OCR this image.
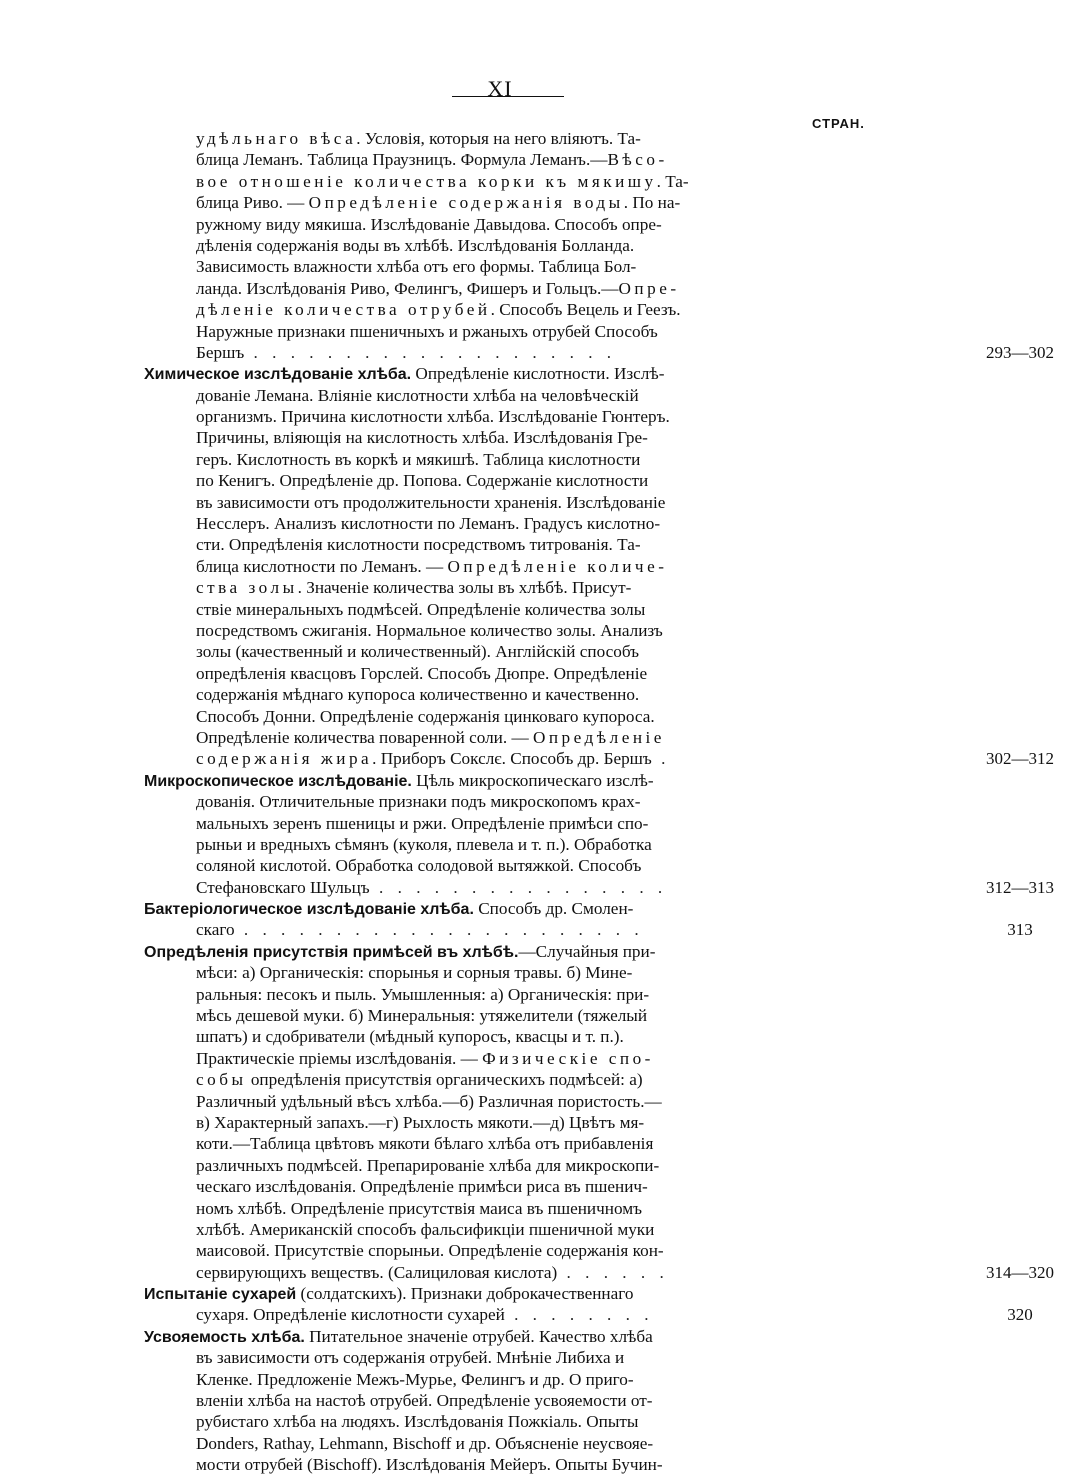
XI
СТРАН.
удѣльнаго вѣса. Условія, которыя на него вліяютъ. Та-
блица Леманъ. Таблица Праузницъ. Формула Леманъ.—Вѣсо-
вое отношеніе количества корки къ мякишу. Та-
блица Риво. — Опредѣленіе содержанія воды. По на-
ружному виду мякиша. Изслѣдованіе Давыдова. Способъ опре-
дѣленія содержанія воды въ хлѣбѣ. Изслѣдованія Болланда.
Зависимость влажности хлѣба отъ его формы. Таблица Бол-
ланда. Изслѣдованія Риво, Фелингъ, Фишеръ и Гольцъ.—Опре-
дѣленіе количества отрубей. Способъ Вецель и Геезъ.
Наружные признаки пшеничныхъ и ржаныхъ отрубей Способъ
Бершъ . . . . . . . . . . . . . . . . . . . .	293—302
Химическое изслѣдованіе хлѣба. Опредѣленіе кислотности. Изслѣ-
дованіе Лемана. Вліяніе кислотности хлѣба на человѣческій
организмъ. Причина кислотности хлѣба. Изслѣдованіе Гюнтеръ.
Причины, вліяющія на кислотность хлѣба. Изслѣдованія Гре-
геръ. Кислотность въ коркѣ и мякишѣ. Таблица кислотности
по Кенигъ. Опредѣленіе др. Попова. Содержаніе кислотности
въ зависимости отъ продолжительности храненія. Изслѣдованіе
Несслеръ. Анализъ кислотности по Леманъ. Градусъ кислотно-
сти. Опредѣленія кислотности посредствомъ титрованія. Та-
блица кислотности по Леманъ. — Опредѣленіе количе-
ства золы. Значеніе количества золы въ хлѣбѣ. Присут-
ствіе минеральныхъ подмѣсей. Опредѣленіе количества золы
посредствомъ сжиганія. Нормальное количество золы. Анализъ
золы (качественный и количественный). Англійскій способъ
опредѣленія квасцовъ Горслей. Способъ Дюпре. Опредѣленіе
содержанія мѣднаго купороса количественно и качественно.
Способъ Донни. Опредѣленіе содержанія цинковаго купороса.
Опредѣленіе количества поваренной соли. — Опредѣленіе
содержанія жира. Приборъ Сокслє. Способъ др. Бершъ .	302—312
Микроскопическое изслѣдованіе. Цѣль микроскопическаго изслѣ-
дованія. Отличительные признаки подъ микроскопомъ крах-
мальныхъ зеренъ пшеницы и ржи. Опредѣленіе примѣси спо-
рыньи и вредныхъ сѣмянъ (куколя, плевела и т. п.). Обработка
соляной кислотой. Обработка солодовой вытяжкой. Способъ
Стефановскаго Шульцъ . . . . . . . . . . . . . . . .	312—313
Бактеріологическое изслѣдованіе хлѣба. Способъ др. Смолен-
скаго . . . . . . . . . . . . . . . . . . . . . .	313
Опредѣленія присутствія примѣсей въ хлѣбѣ.—Случайныя при-
мѣси: а) Органическія: спорынья и сорныя травы. б) Мине-
ральныя: песокъ и пыль. Умышленныя: а) Органическія: при-
мѣсь дешевой муки. б) Минеральныя: утяжелители (тяжелый
шпатъ) и сдобриватели (мѣдный купоросъ, квасцы и т. п.).
Практическіе пріемы изслѣдованія. — Физическіе спо-
собы опредѣленія присутствія органическихъ подмѣсей: а)
Различный удѣльный вѣсъ хлѣба.—б) Различная пористость.—
в) Характерный запахъ.—г) Рыхлость мякоти.—д) Цвѣтъ мя-
коти.—Таблица цвѣтовъ мякоти бѣлаго хлѣба отъ прибавленія
различныхъ подмѣсей. Препарированіе хлѣба для микроскопи-
ческаго изслѣдованія. Опредѣленіе примѣси риса въ пшенич-
номъ хлѣбѣ. Опредѣленіе присутствія маиса въ пшеничномъ
хлѣбѣ. Американскій способъ фальсификціи пшеничной муки
маисовой. Присутствіе спорыньи. Опредѣленіе содержанія кон-
сервирующихъ веществъ. (Салициловая кислота) . . . . . .	314—320
Испытаніе сухарей (солдатскихъ). Признаки доброкачественнаго
сухаря. Опредѣленіе кислотности сухарей . . . . . . . .	320
Усвояемость хлѣба. Питательное значеніе отрубей. Качество хлѣба
въ зависимости отъ содержанія отрубей. Мнѣніе Либиха и
Кленке. Предложеніе Межъ-Мурье, Фелингъ и др. О приго-
вленіи хлѣба на настоѣ отрубей. Опредѣленіе усвояемости от-
рубистаго хлѣба на людяхъ. Изслѣдованія Пожкіаль. Опыты
Donders, Rathay, Lehmann, Bischoff и др. Объясненіе неусвояе-
мости отрубей (Bischoff). Изслѣдованія Мейеръ. Опыты Бучин-
